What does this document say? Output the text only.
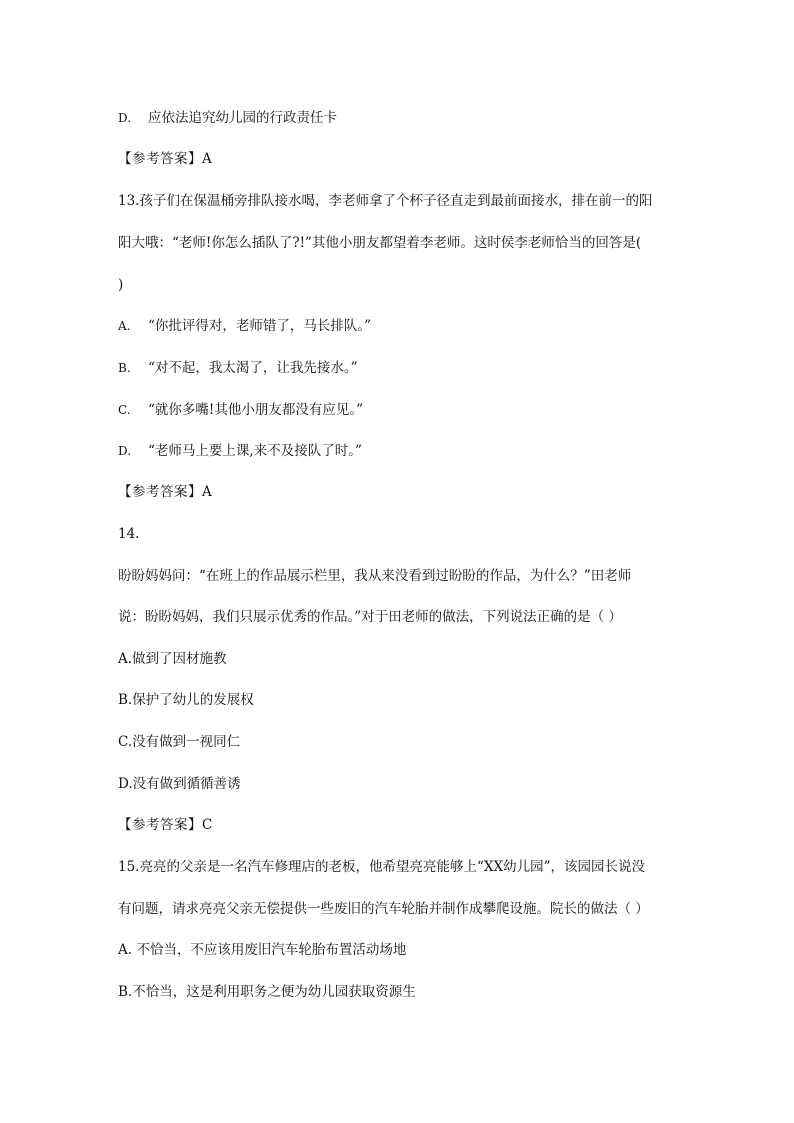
D. 应依法追究幼儿园的行政责任卡
【参考答案】A
13.孩子们在保温桶旁排队接水喝，李老师拿了个杯子径直走到最前面接水，排在前一的阳
阳大哦：“老师!你怎么插队了?!”其他小朋友都望着李老师。这时侯李老师恰当的回答是(
)
A. “你批评得对，老师错了，马长排队。”
B. “对不起，我太渴了，让我先接水。”
C. “就你多嘴!其他小朋友都没有应见。”
D. “老师马上要上课,来不及接队了时。”
【参考答案】A
14.
盼盼妈妈问：“在班上的作品展示栏里，我从来没看到过盼盼的作品，为什么？”田老师
说：盼盼妈妈，我们只展示优秀的作品。”对于田老师的做法，下列说法正确的是（ ）
A.做到了因材施教
B.保护了幼儿的发展权
C.没有做到一视同仁
D.没有做到循循善诱
【参考答案】C
15.亮亮的父亲是一名汽车修理店的老板，他希望亮亮能够上“XX幼儿园”，该园园长说没
有问题，请求亮亮父亲无偿提供一些废旧的汽车轮胎并制作成攀爬设施。院长的做法（ ）
A. 不恰当，不应该用废旧汽车轮胎布置活动场地
B.不恰当，这是利用职务之便为幼儿园获取资源生
